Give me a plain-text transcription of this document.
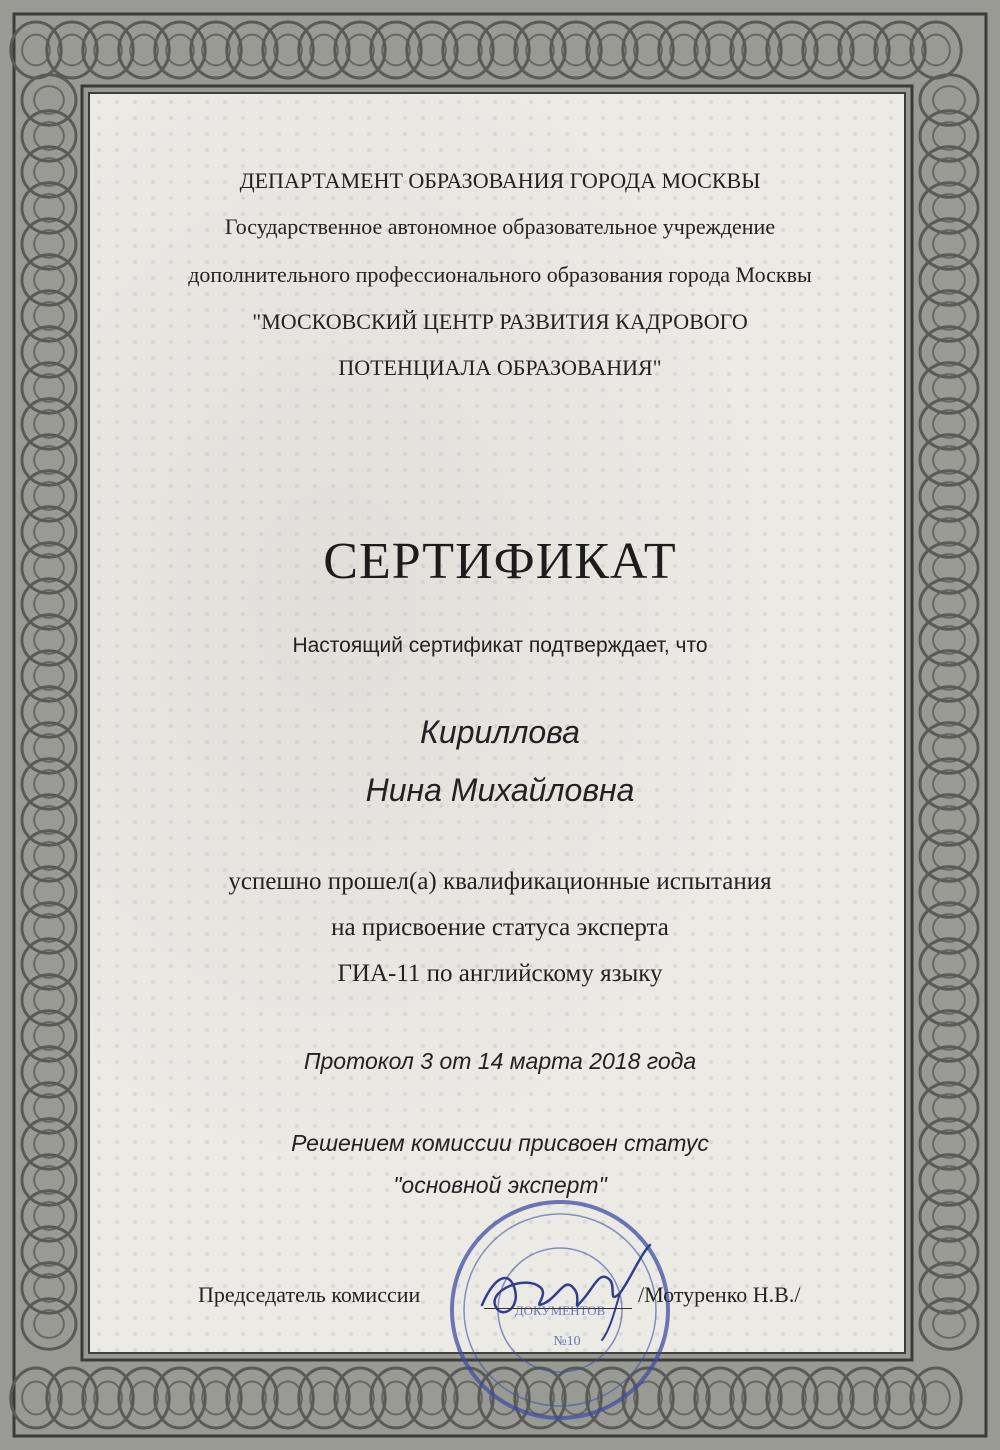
ДЕПАРТАМЕНТ ОБРАЗОВАНИЯ ГОРОДА МОСКВЫ
Государственное автономное образовательное учреждение
дополнительного профессионального образования города Москвы
"МОСКОВСКИЙ ЦЕНТР РАЗВИТИЯ КАДРОВОГО
ПОТЕНЦИАЛА ОБРАЗОВАНИЯ"
СЕРТИФИКАТ
Настоящий сертификат подтверждает, что
Кириллова
Нина Михайловна
успешно прошел(а) квалификационные испытания
на присвоение статуса эксперта
ГИА-11 по английскому языку
Протокол 3 от 14 марта 2018 года
Решением комиссии присвоен статус
"основной эксперт"
ДОКУМЕНТОВ
№10
Председатель комиссии	/Мотуренко Н.В./
